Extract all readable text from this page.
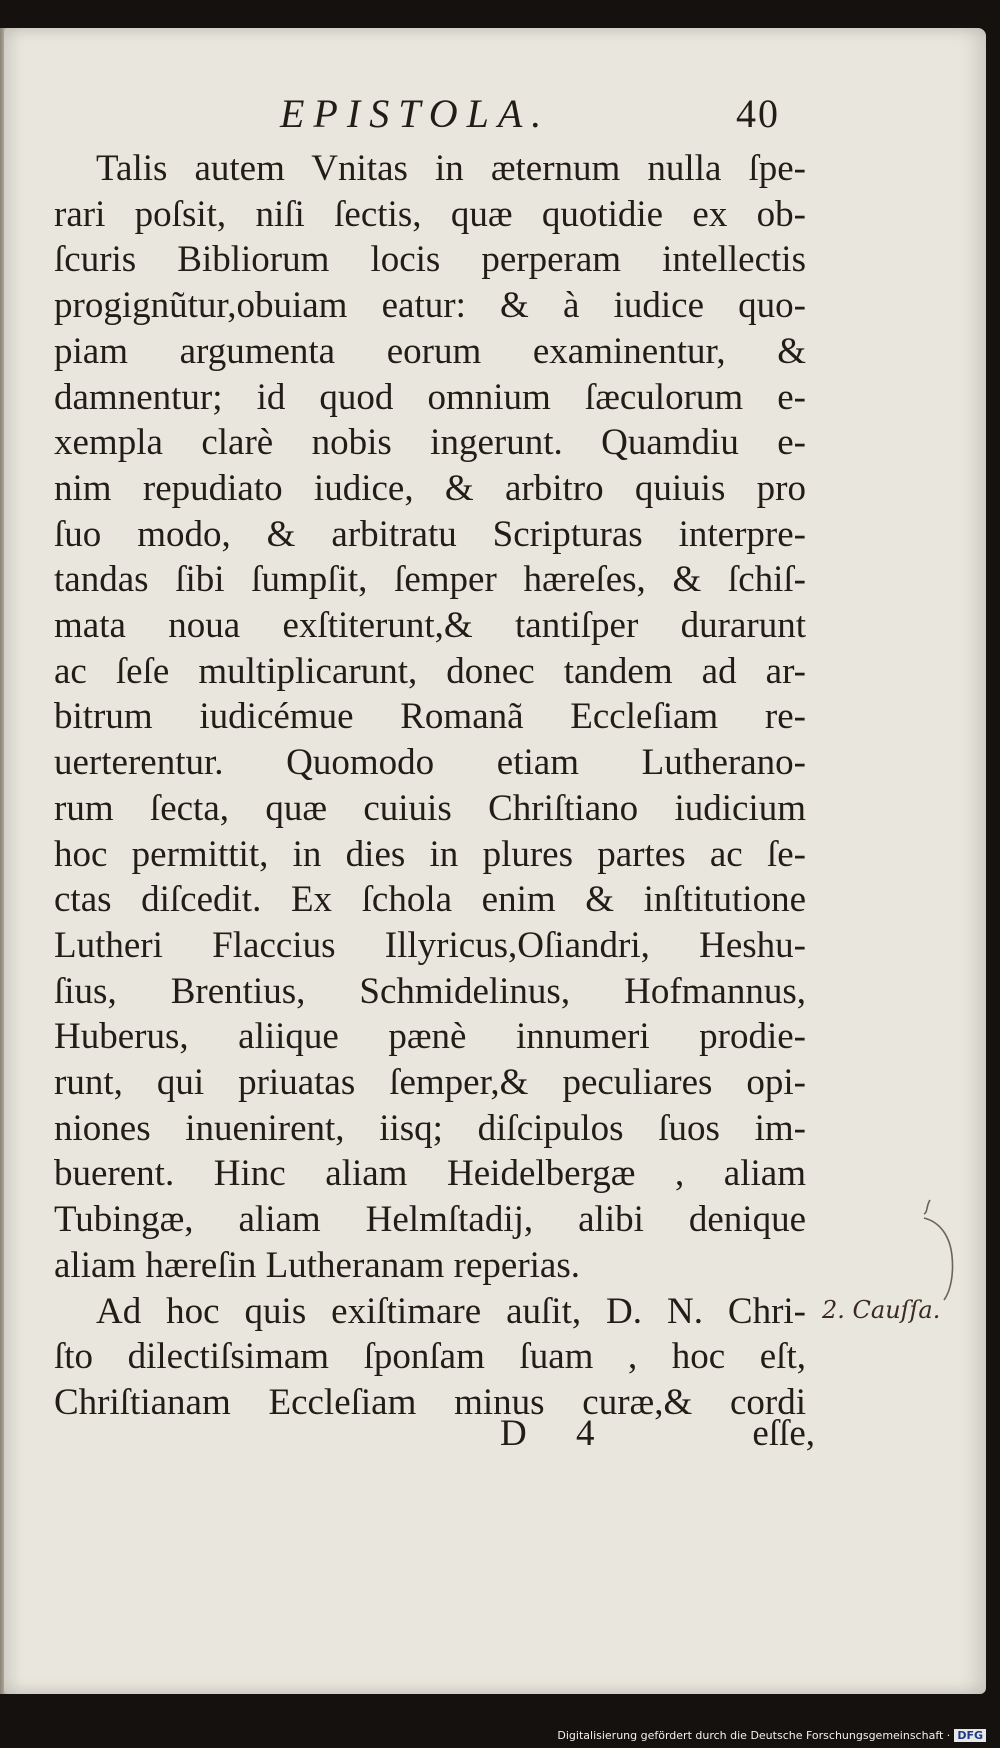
EPISTOLA.	40
Talis autem Vnitas in æternum nulla ſpe-
rari poſsit, niſi ſectis, quæ quotidie ex ob-
ſcuris Bibliorum locis perperam intellectis
progignũtur,obuiam eatur: & à iudice quo-
piam argumenta eorum examinentur, &
damnentur; id quod omnium ſæculorum e-
xempla clarè nobis ingerunt. Quamdiu e-
nim repudiato iudice, & arbitro quiuis pro
ſuo modo, & arbitratu Scripturas interpre-
tandas ſibi ſumpſit, ſemper hæreſes, & ſchiſ-
mata noua exſtiterunt,& tantiſper durarunt
ac ſeſe multiplicarunt, donec tandem ad ar-
bitrum iudicémue Romanã Eccleſiam re-
uerterentur. Quomodo etiam Lutherano-
rum ſecta, quæ cuiuis Chriſtiano iudicium
hoc permittit, in dies in plures partes ac ſe-
ctas diſcedit. Ex ſchola enim & inſtitutione
Lutheri Flaccius Illyricus,Oſiandri, Heshu-
ſius, Brentius, Schmidelinus, Hofmannus,
Huberus, aliique pænè innumeri prodie-
runt, qui priuatas ſemper,& peculiares opi-
niones inuenirent, iisq; diſcipulos ſuos im-
buerent. Hinc aliam Heidelbergæ , aliam
Tubingæ, aliam Helmſtadij, alibi denique
aliam hæreſin Lutheranam reperias.
Ad hoc quis exiſtimare auſit, D. N. Chri-
ſto dilectiſsimam ſponſam ſuam , hoc eſt,
Chriſtianam Eccleſiam minus curæ,& cordi
2. Cauſſa.
D 4	eſſe,
Digitalisierung gefördert durch die Deutsche Forschungsgemeinschaft · DFG
